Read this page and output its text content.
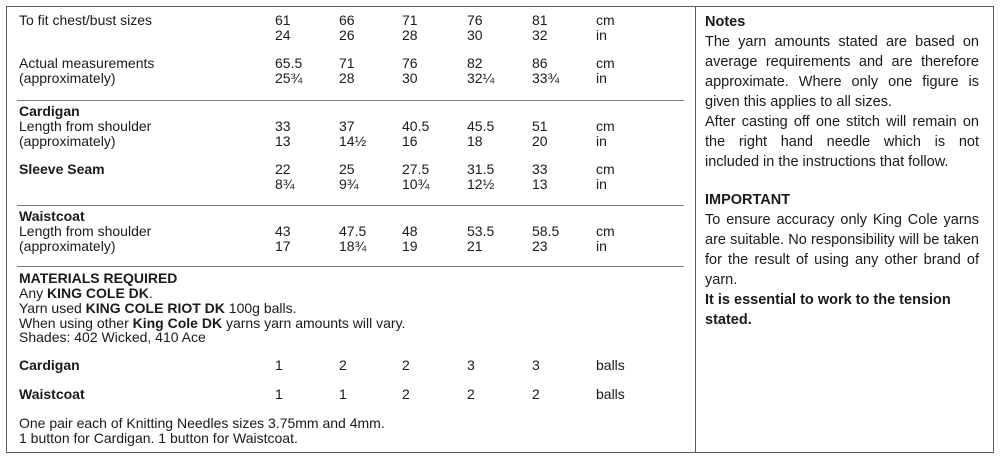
To fit chest/bust sizes	61	66	71	76	81	cm
24	26	28	30	32	in
Actual measurements
(approximately)
65.5	71	76	82	86	cm
25¾	28	30	32¼	33¾	in
Cardigan
Length from shoulder
(approximately)
33	37	40.5	45.5	51	cm
13	14½	16	18	20	in
Sleeve Seam	22	25	27.5	31.5	33	cm
8¾	9¾	10¾	12½	13	in
Waistcoat
Length from shoulder
(approximately)
43	47.5	48	53.5	58.5	cm
17	18¾	19	21	23	in
MATERIALS REQUIRED
Any KING COLE DK.
Yarn used KING COLE RIOT DK 100g balls.
When using other King Cole DK yarns yarn amounts will vary.
Shades: 402 Wicked, 410 Ace
Cardigan	1	2	2	3	3	balls
Waistcoat	1	1	2	2	2	balls
One pair each of Knitting Needles sizes 3.75mm and 4mm.
1 button for Cardigan. 1 button for Waistcoat.

Notes

The yarn amounts stated are based on average requirements and are therefore approximate. Where only one figure is given this applies to all sizes.

After casting off one stitch will remain on the right hand needle which is not included in the instructions that follow.

IMPORTANT

To ensure accuracy only King Cole yarns are suitable. No responsibility will be taken for the result of using any other brand of yarn.

It is essential to work to the tension stated.
